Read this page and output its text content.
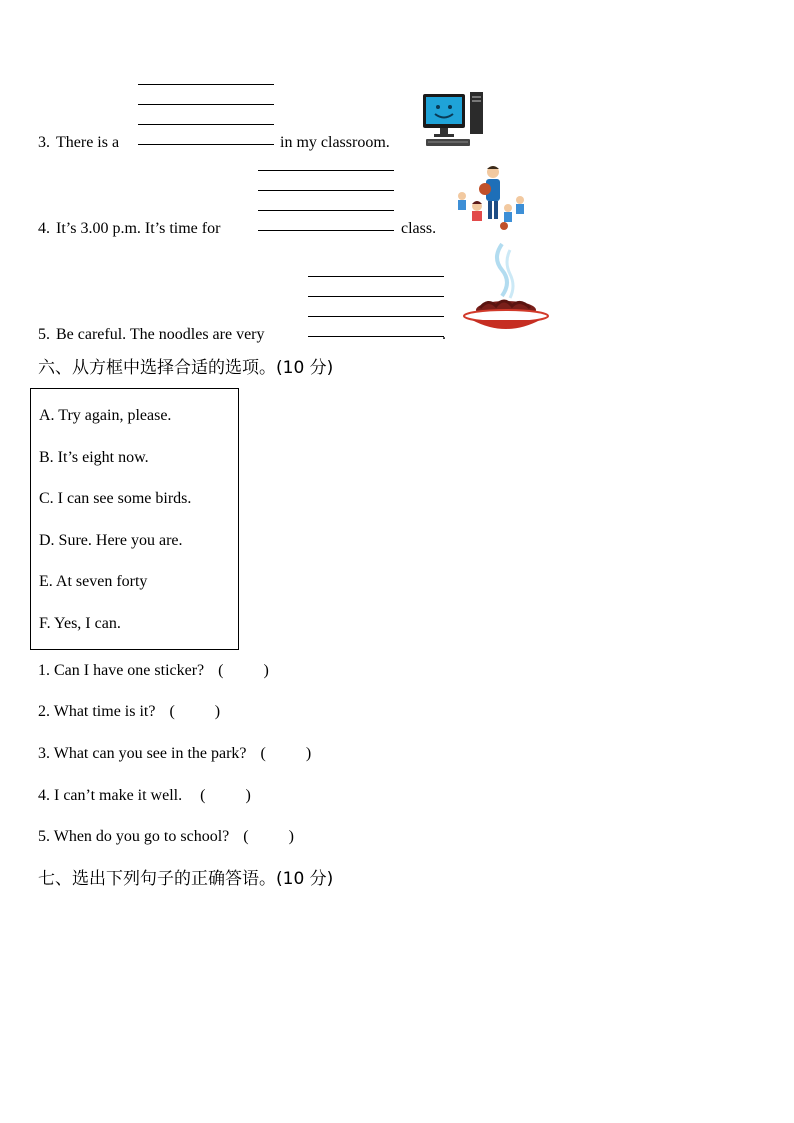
3. There is a	in my classroom.
4. It’s 3.00 p.m. It’s time for	class.
5. Be careful. The noodles are very	.
六、从方框中选择合适的选项。(10 分)
A. Try again, please.
B. It’s eight now.
C. I can see some birds.
D. Sure. Here you are.
E. At seven forty
F. Yes, I can.
1. Can I have one sticker? (          )
2. What time is it? (          )
3. What can you see in the park? (          )
4. I can’t make it well. (          )
5. When do you go to school? (          )
七、选出下列句子的正确答语。(10 分)
